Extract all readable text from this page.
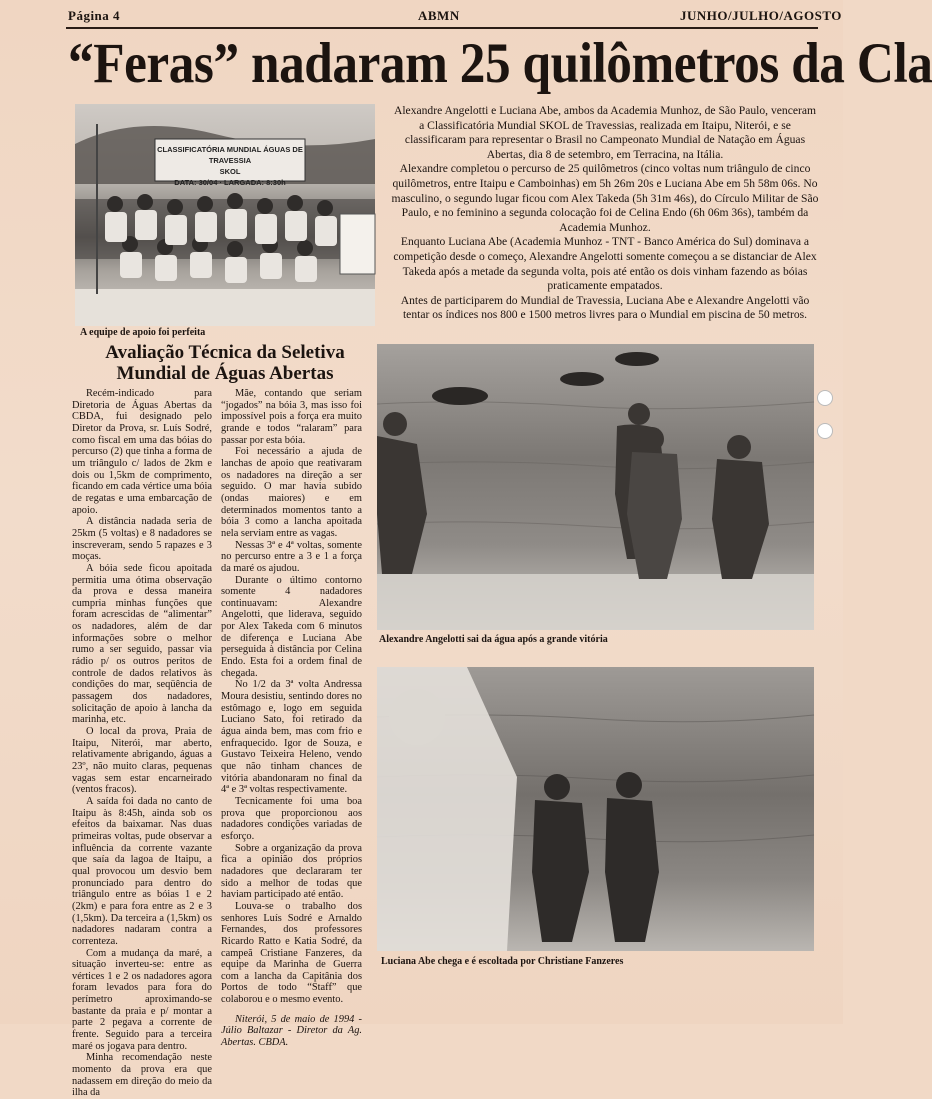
Página 4	ABMN	JUNHO/JULHO/AGOSTO
“Feras” nadaram 25 quilômetros da Cla
CLASSIFICATÓRIA MUNDIAL ÁGUAS DE TRAVESSIA
SKOL
DATA: 30/04 · LARGADA: 8:30h
A equipe de apoio foi perfeita

Alexandre Angelotti e Luciana Abe, ambos da Academia Munhoz, de São Paulo, venceram a Classificatória Mundial SKOL de Travessias, realizada em Itaipu, Niterói, e se classificaram para representar o Brasil no Campeonato Mundial de Natação em Águas Abertas, dia 8 de setembro, em Terracina, na Itália.

Alexandre completou o percurso de 25 quilômetros (cinco voltas num triângulo de cinco quilômetros, entre Itaipu e Camboinhas) em 5h 26m 20s e Luciana Abe em 5h 58m 06s. No masculino, o segundo lugar ficou com Alex Takeda (5h 31m 46s), do Círculo Militar de São Paulo, e no feminino a segunda colocação foi de Celina Endo (6h 06m 36s), também da Academia Munhoz.

Enquanto Luciana Abe (Academia Munhoz - TNT - Banco América do Sul) dominava a competição desde o começo, Alexandre Angelotti somente começou a se distanciar de Alex Takeda após a metade da segunda volta, pois até então os dois vinham fazendo as bóias praticamente empatados.

Antes de participarem do Mundial de Travessia, Luciana Abe e Alexandre Angelotti vão tentar os índices nos 800 e 1500 metros livres para o Mundial em piscina de 50 metros.

Avaliação Técnica da Seletiva Mundial de Águas Abertas

Recém-indicado para Diretoria de Águas Abertas da CBDA, fui designado pelo Diretor da Prova, sr. Luís Sodré, como fiscal em uma das bóias do percurso (2) que tinha a forma de um triângulo c/ lados de 2km e dois ou 1,5km de comprimento, ficando em cada vértice uma bóia de regatas e uma embarcação de apoio.

A distância nadada seria de 25km (5 voltas) e 8 nadadores se inscreveram, sendo 5 rapazes e 3 moças.

A bóia sede ficou apoitada permitia uma ótima observação da prova e dessa maneira cumpria minhas funções que foram acrescidas de “alimentar” os nadadores, além de dar informações sobre o melhor rumo a ser seguido, passar via rádio p/ os outros peritos de controle de dados relativos às condições do mar, seqüência de passagem dos nadadores, solicitação de apoio à lancha da marinha, etc.

O local da prova, Praia de Itaipu, Niterói, mar aberto, relativamente abrigando, águas a 23º, não muito claras, pequenas vagas sem estar encarneirado (ventos fracos).

A saída foi dada no canto de Itaipu às 8:45h, ainda sob os efeitos da baixamar. Nas duas primeiras voltas, pude observar a influência da corrente vazante que saía da lagoa de Itaipu, a qual provocou um desvio bem pronunciado para dentro do triângulo entre as bóias 1 e 2 (2km) e para fora entre as 2 e 3 (1,5km). Da terceira a (1,5km) os nadadores nadaram contra a correnteza.

Com a mudança da maré, a situação inverteu-se: entre as vértices 1 e 2 os nadadores agora foram levados para fora do perímetro aproximando-se bastante da praia e p/ montar a parte 2 pegava a corrente de frente. Seguido para a terceira maré os jogava para dentro.

Minha recomendação neste momento da prova era que nadassem em direção do meio da ilha da

Mãe, contando que seriam “jogados” na bóia 3, mas isso foi impossível pois a força era muito grande e todos “ralaram” para passar por esta bóia.

Foi necessário a ajuda de lanchas de apoio que reativaram os nadadores na direção a ser seguido. O mar havia subido (ondas maiores) e em determinados momentos tanto a bóia 3 como a lancha apoitada nela serviam entre as vagas.

Nessas 3ª e 4ª voltas, somente no percurso entre a 3 e 1 a força da maré os ajudou.

Durante o último contorno somente 4 nadadores continuavam: Alexandre Angelotti, que liderava, seguido por Alex Takeda com 6 minutos de diferença e Luciana Abe perseguida à distância por Celina Endo. Esta foi a ordem final de chegada.

No 1/2 da 3ª volta Andressa Moura desistiu, sentindo dores no estômago e, logo em seguida Luciano Sato, foi retirado da água ainda bem, mas com frio e enfraquecido. Igor de Souza, e Gustavo Teixeira Heleno, vendo que não tinham chances de vitória abandonaram no final da 4ª e 3ª voltas respectivamente.

Tecnicamente foi uma boa prova que proporcionou aos nadadores condições variadas de esforço.

Sobre a organização da prova fica a opinião dos próprios nadadores que declararam ter sido a melhor de todas que haviam participado até então.

Louva-se o trabalho dos senhores Luís Sodré e Arnaldo Fernandes, dos professores Ricardo Ratto e Katia Sodré, da campeã Cristiane Fanzeres, da equipe da Marinha de Guerra com a lancha da Capitânia dos Portos de todo “Staff” que colaborou e o mesmo evento.

Niterói, 5 de maio de 1994 - Júlio Baltazar - Diretor da Ag. Abertas. CBDA.

Alexandre Angelotti sai da água após a grande vitória
Luciana Abe chega e é escoltada por Christiane Fanzeres
